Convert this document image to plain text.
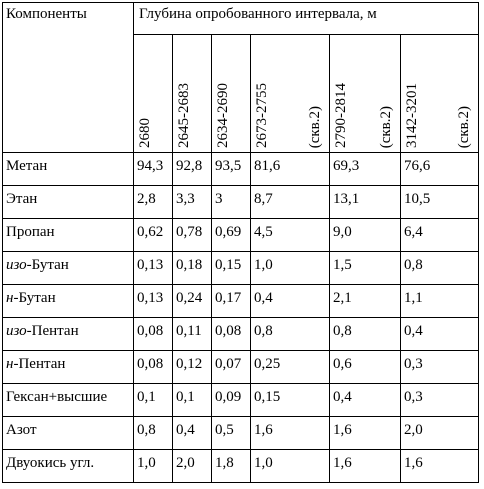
Компоненты	Глубина опробованного интервала, м					

	2680	2645-2683	2634-2690	2673-2755 (скв.2)	2790-2814 (скв.2)	3142-3201 (скв.2)

Метан	94,3	92,8	93,5	81,6	69,3	76,6
Этан	2,8	3,3	3	8,7	13,1	10,5
Пропан	0,62	0,78	0,69	4,5	9,0	6,4
изо-Бутан	0,13	0,18	0,15	1,0	1,5	0,8
н-Бутан	0,13	0,24	0,17	0,4	2,1	1,1
изо-Пентан	0,08	0,11	0,08	0,8	0,8	0,4
н-Пентан	0,08	0,12	0,07	0,25	0,6	0,3
Гексан+высшие	0,1	0,1	0,09	0,15	0,4	0,3
Азот	0,8	0,4	0,5	1,6	1,6	2,0
Двуокись угл.	1,0	2,0	1,8	1,0	1,6	1,6
